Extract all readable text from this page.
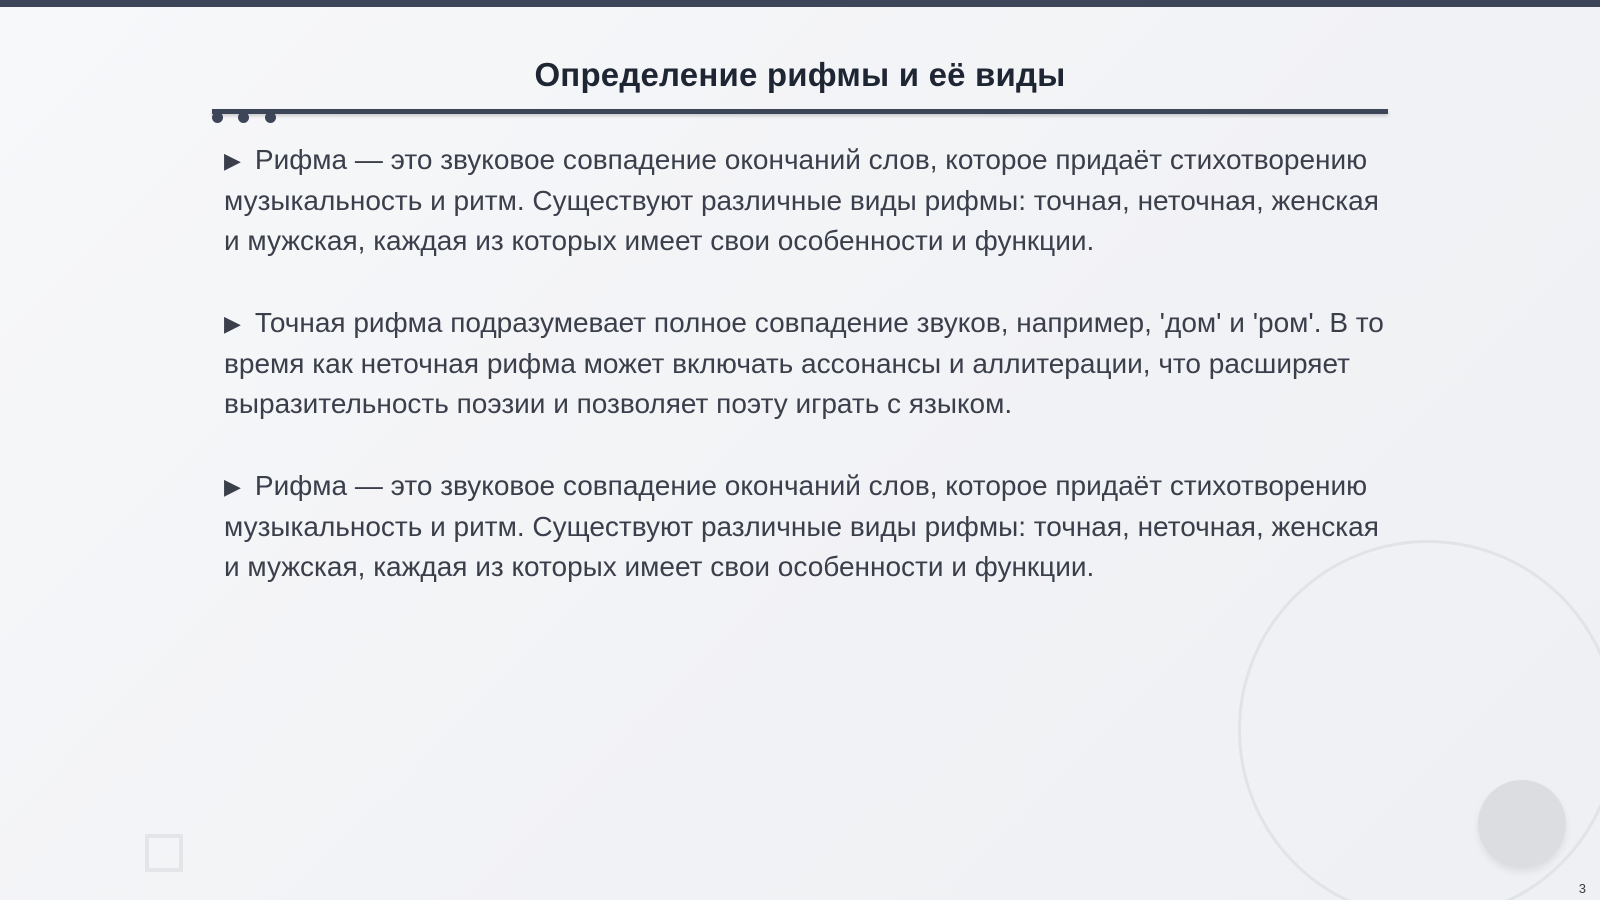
Определение рифмы и её виды

▶ Рифма — это звуковое совпадение окончаний слов, которое придаёт стихотворению музыкальность и ритм. Существуют различные виды рифмы: точная, неточная, женская и мужская, каждая из которых имеет свои особенности и функции.

▶ Точная рифма подразумевает полное совпадение звуков, например, 'дом' и 'ром'. В то время как неточная рифма может включать ассонансы и аллитерации, что расширяет выразительность поэзии и позволяет поэту играть с языком.

▶ Рифма — это звуковое совпадение окончаний слов, которое придаёт стихотворению музыкальность и ритм. Существуют различные виды рифмы: точная, неточная, женская и мужская, каждая из которых имеет свои особенности и функции.

3
